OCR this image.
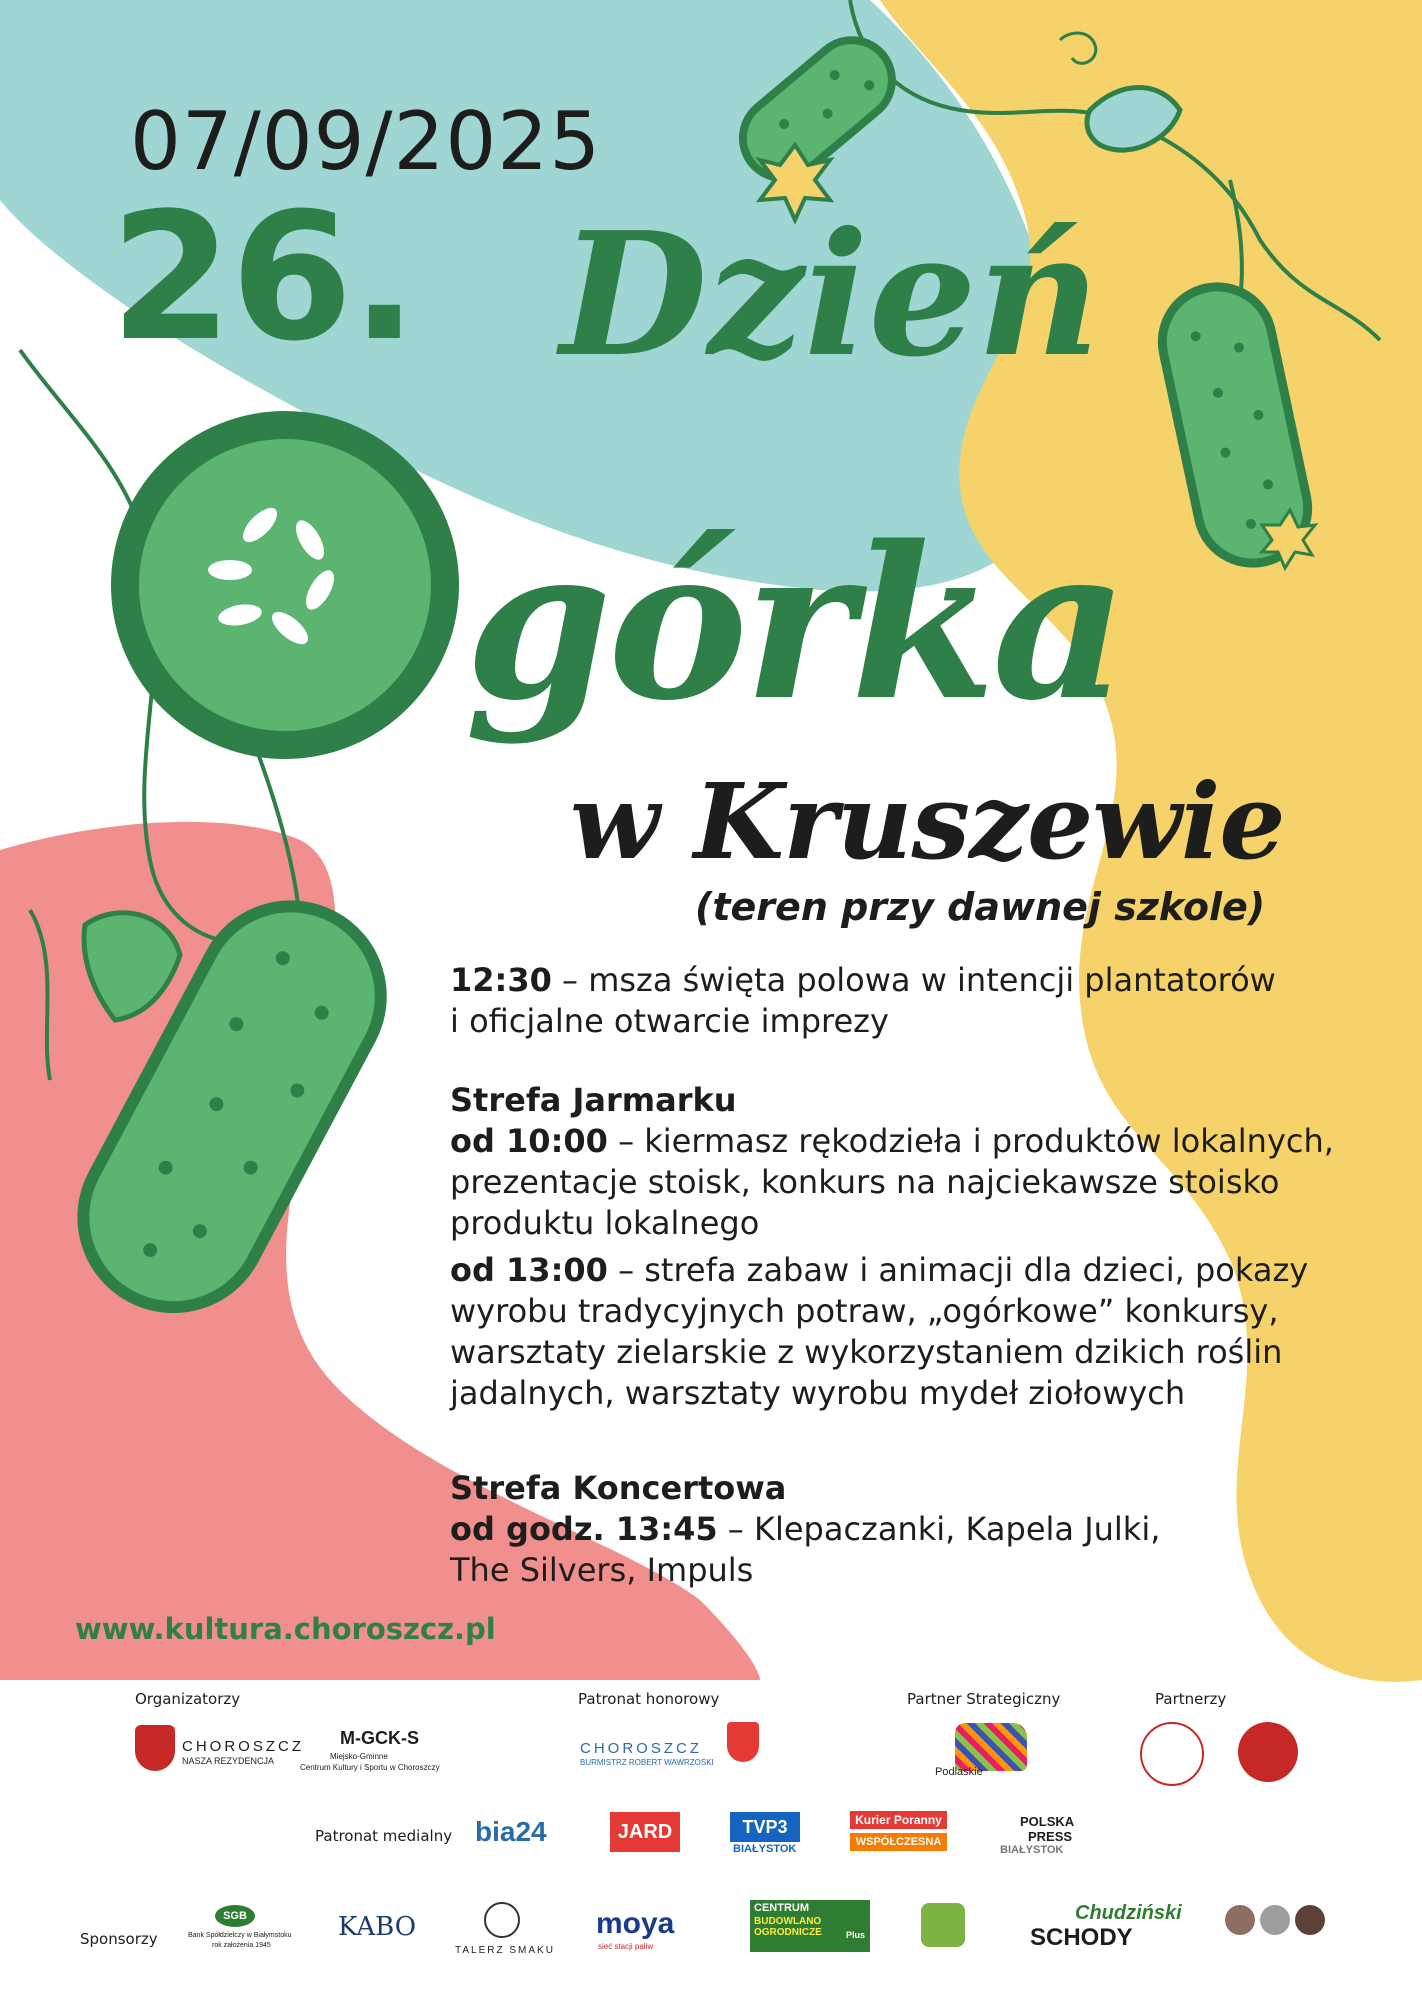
07/09/2025
26. Dzień
górka
w Kruszewie
(teren przy dawnej szkole)
12:30 – msza święta polowa w intencji plantatorów
i oficjalne otwarcie imprezy
Strefa Jarmarku
od 10:00 – kiermasz rękodzieła i produktów lokalnych,
prezentacje stoisk, konkurs na najciekawsze stoisko
produktu lokalnego
od 13:00 – strefa zabaw i animacji dla dzieci, pokazy
wyrobu tradycyjnych potraw, „ogórkowe” konkursy,
warsztaty zielarskie z wykorzystaniem dzikich roślin
jadalnych, warsztaty wyrobu mydeł ziołowych
Strefa Koncertowa
od godz. 13:45 – Klepaczanki, Kapela Julki,
The Silvers, Impuls
www.kultura.choroszcz.pl
Organizatorzy	Patronat honorowy	Partner Strategiczny	Partnerzy
Patronat medialny
Sponsorzy
CHOROSZCZ
NASZA REZYDENCJA
M-GCK-S
Miejsko-Gminne
Centrum Kultury i Sportu w Choroszczy
CHOROSZCZ
BURMISTRZ ROBERT WAWRZOSKI
Podlaskie
bia24	JARD	TVP3
BIAŁYSTOK
Kurier Poranny
WSPÓŁCZESNA
POLSKA
PRESS
BIAŁYSTOK
SGB
Bank Spółdzielczy w Białymstoku
rok założenia 1945
KABO
TALERZ SMAKU
moya
sieć stacji paliw
CENTRUM
BUDOWLANO
OGRODNICZE	Plus
Chudziński
SCHODY
